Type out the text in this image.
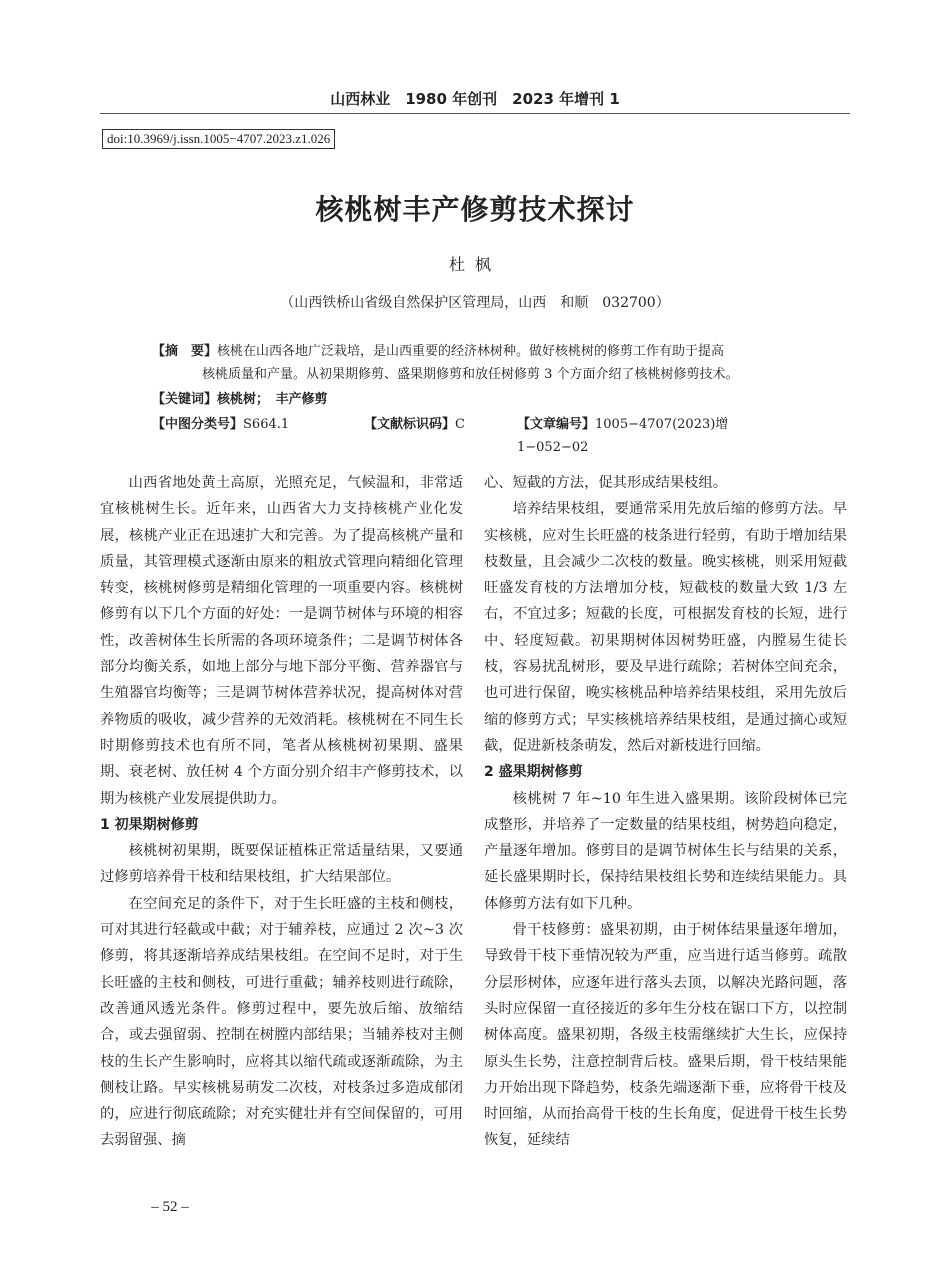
山西林业　1980 年创刊　2023 年增刊 1
doi:10.3969/j.issn.1005−4707.2023.z1.026
核桃树丰产修剪技术探讨
杜枫
（山西铁桥山省级自然保护区管理局，山西　和顺　032700）
【摘　要】核桃在山西各地广泛栽培，是山西重要的经济林树种。做好核桃树的修剪工作有助于提高
核桃质量和产量。从初果期修剪、盛果期修剪和放任树修剪 3 个方面介绍了核桃树修剪技术。
【关键词】核桃树；　丰产修剪
【中图分类号】S664.1	【文献标识码】C	【文章编号】1005−4707(2023)增 1−052−02

山西省地处黄土高原，光照充足，气候温和，非常适宜核桃树生长。近年来，山西省大力支持核桃产业化发展，核桃产业正在迅速扩大和完善。为了提高核桃产量和质量，其管理模式逐渐由原来的粗放式管理向精细化管理转变，核桃树修剪是精细化管理的一项重要内容。核桃树修剪有以下几个方面的好处：一是调节树体与环境的相容性，改善树体生长所需的各项环境条件；二是调节树体各部分均衡关系，如地上部分与地下部分平衡、营养器官与生殖器官均衡等；三是调节树体营养状况，提高树体对营养物质的吸收，减少营养的无效消耗。核桃树在不同生长时期修剪技术也有所不同，笔者从核桃树初果期、盛果期、衰老树、放任树 4 个方面分别介绍丰产修剪技术，以期为核桃产业发展提供助力。

1 初果期树修剪

核桃树初果期，既要保证植株正常适量结果，又要通过修剪培养骨干枝和结果枝组，扩大结果部位。

在空间充足的条件下，对于生长旺盛的主枝和侧枝，可对其进行轻截或中截；对于辅养枝，应通过 2 次~3 次修剪，将其逐渐培养成结果枝组。在空间不足时，对于生长旺盛的主枝和侧枝，可进行重截；辅养枝则进行疏除，改善通风透光条件。修剪过程中，要先放后缩、放缩结合，或去强留弱、控制在树膛内部结果；当辅养枝对主侧枝的生长产生影响时，应将其以缩代疏或逐渐疏除，为主侧枝让路。早实核桃易萌发二次枝，对枝条过多造成郁闭的，应进行彻底疏除；对充实健壮并有空间保留的，可用去弱留强、摘

心、短截的方法，促其形成结果枝组。

培养结果枝组，要通常采用先放后缩的修剪方法。早实核桃，应对生长旺盛的枝条进行轻剪，有助于增加结果枝数量，且会减少二次枝的数量。晚实核桃，则采用短截旺盛发育枝的方法增加分枝，短截枝的数量大致 1/3 左右，不宜过多；短截的长度，可根据发育枝的长短，进行中、轻度短截。初果期树体因树势旺盛，内膛易生徒长枝，容易扰乱树形，要及早进行疏除；若树体空间充余，也可进行保留，晚实核桃品种培养结果枝组，采用先放后缩的修剪方式；早实核桃培养结果枝组，是通过摘心或短截，促进新枝条萌发，然后对新枝进行回缩。

2 盛果期树修剪

核桃树 7 年~10 年生进入盛果期。该阶段树体已完成整形，并培养了一定数量的结果枝组，树势趋向稳定，产量逐年增加。修剪目的是调节树体生长与结果的关系，延长盛果期时长，保持结果枝组长势和连续结果能力。具体修剪方法有如下几种。

骨干枝修剪：盛果初期，由于树体结果量逐年增加，导致骨干枝下垂情况较为严重，应当进行适当修剪。疏散分层形树体，应逐年进行落头去顶，以解决光路问题，落头时应保留一直径接近的多年生分枝在锯口下方，以控制树体高度。盛果初期，各级主枝需继续扩大生长，应保持原头生长势，注意控制背后枝。盛果后期，骨干枝结果能力开始出现下降趋势，枝条先端逐渐下垂，应将骨干枝及时回缩，从而抬高骨干枝的生长角度，促进骨干枝生长势恢复，延续结

– 52 –
